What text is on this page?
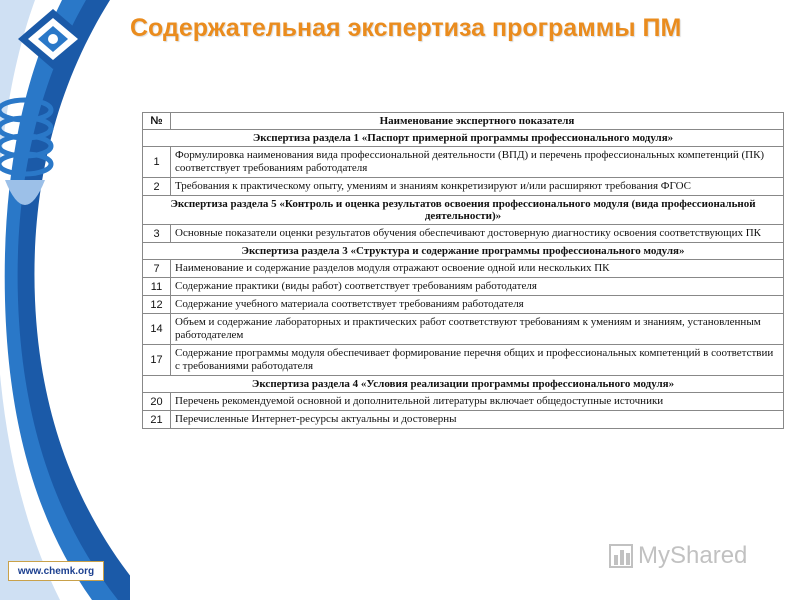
www.chemk.org
Содержательная экспертиза программы ПМ
№	Наименование экспертного показателя
Экспертиза раздела 1 «Паспорт примерной программы профессионального модуля»	
1	Формулировка наименования вида профессиональной деятельности (ВПД) и перечень профессиональных компетенций (ПК) соответствует требованиям работодателя
2	Требования к практическому опыту, умениям и знаниям конкретизируют и/или расширяют требования ФГОС
Экспертиза раздела 5 «Контроль и оценка результатов освоения профессионального модуля (вида профессиональной деятельности)»	
3	Основные показатели оценки результатов обучения обеспечивают достоверную диагностику освоения соответствующих ПК
Экспертиза раздела 3 «Структура и содержание программы профессионального модуля»	
7	Наименование и содержание разделов модуля отражают освоение одной или нескольких ПК
11	Содержание практики (виды работ) соответствует требованиям работодателя
12	Содержание учебного материала соответствует требованиям работодателя
14	Объем и содержание лабораторных и практических работ соответствуют требованиям к умениям и знаниям, установленным работодателем
17	Содержание программы модуля обеспечивает формирование перечня общих и профессиональных компетенций в соответствии с требованиями работодателя
Экспертиза раздела 4 «Условия реализации программы профессионального модуля»	
20	Перечень рекомендуемой основной и дополнительной литературы включает общедоступные источники
21	Перечисленные Интернет-ресурсы актуальны и достоверны
MyShared
